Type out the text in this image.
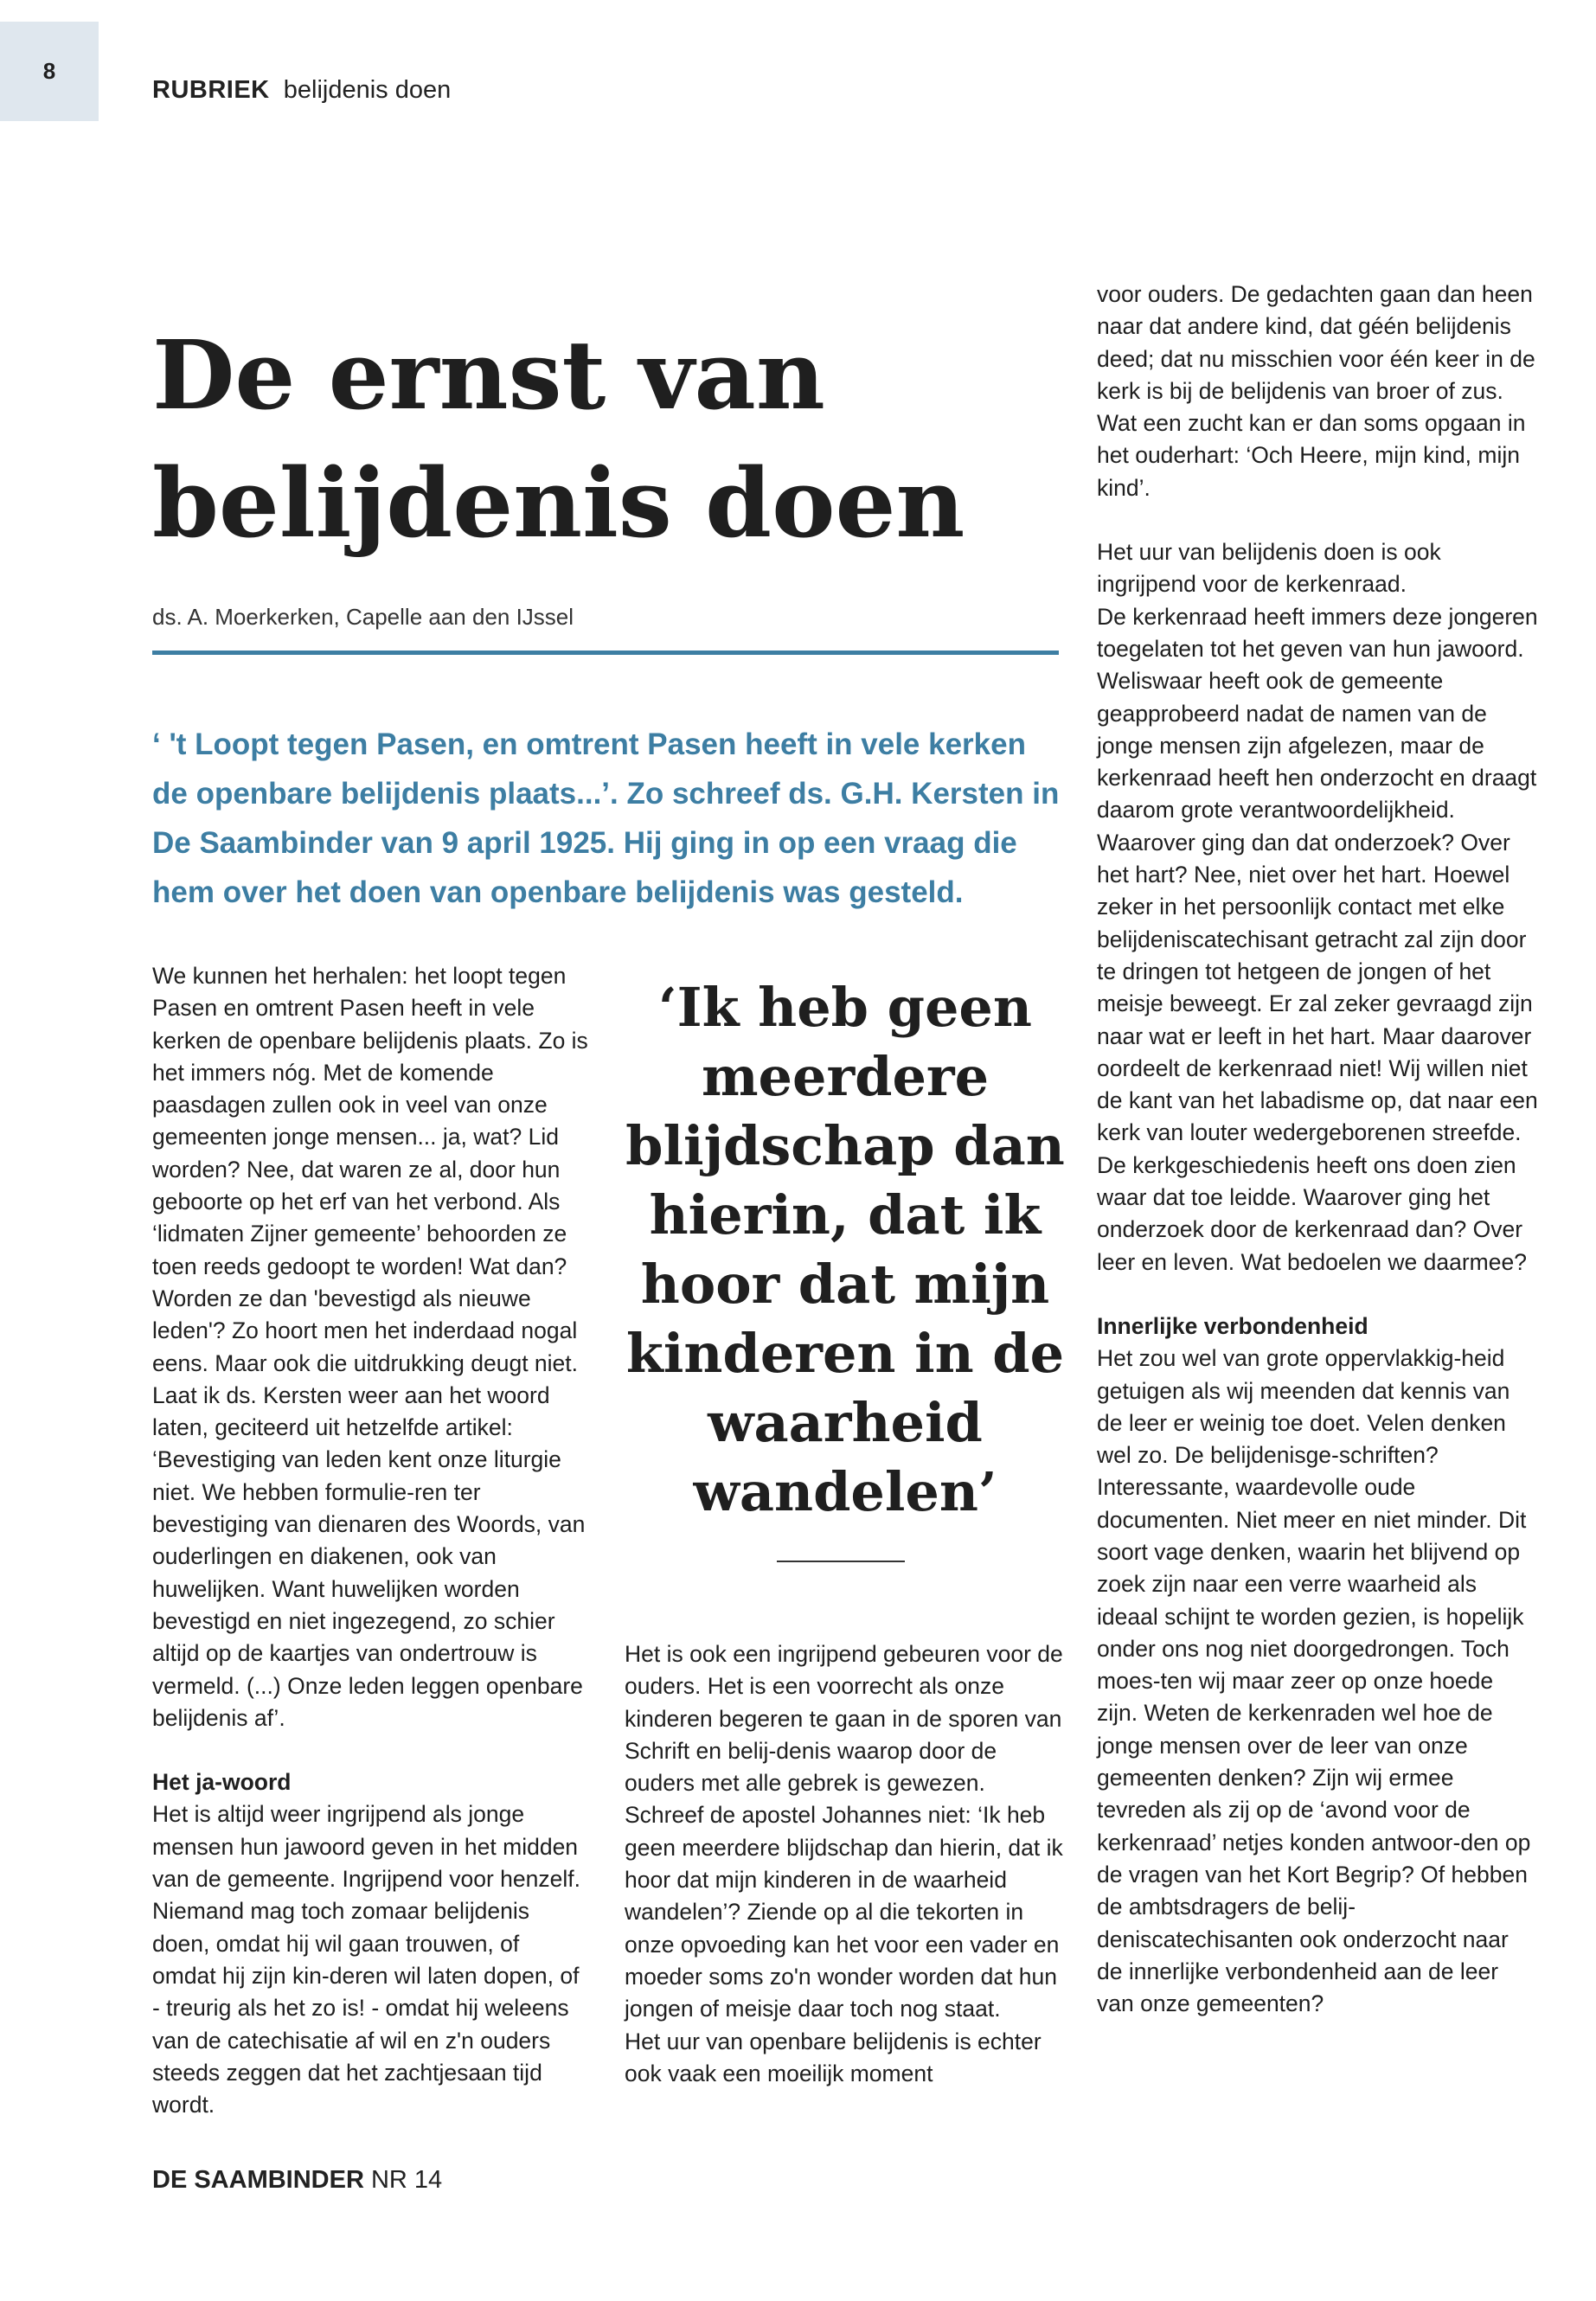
8
RUBRIEK belijdenis doen
De ernst van
belijdenis doen
ds. A. Moerkerken, Capelle aan den IJssel

‘ 't Loopt tegen Pasen, en omtrent Pasen heeft in vele kerken de openbare belijdenis plaats...’. Zo schreef ds. G.H. Kersten in De Saambinder van 9 april 1925. Hij ging in op een vraag die hem over het doen van openbare belijdenis was gesteld.

We kunnen het herhalen: het loopt tegen Pasen en omtrent Pasen heeft in vele kerken de openbare belijdenis plaats. Zo is het immers nóg. Met de komende paasdagen zullen ook in veel van onze gemeenten jonge mensen... ja, wat? Lid worden? Nee, dat waren ze al, door hun geboorte op het erf van het verbond. Als ‘lidmaten Zijner gemeente’ behoorden ze toen reeds gedoopt te worden! Wat dan? Worden ze dan 'bevestigd als nieuwe leden'? Zo hoort men het inderdaad nogal eens. Maar ook die uitdrukking deugt niet. Laat ik ds. Kersten weer aan het woord laten, geciteerd uit hetzelfde artikel: ‘Bevestiging van leden kent onze liturgie niet. We hebben formulie-ren ter bevestiging van dienaren des Woords, van ouderlingen en diakenen, ook van huwelijken. Want huwelijken worden bevestigd en niet ingezegend, zo schier altijd op de kaartjes van ondertrouw is vermeld. (...) Onze leden leggen openbare belijdenis af’.

Het ja-woord

Het is altijd weer ingrijpend als jonge mensen hun jawoord geven in het midden van de gemeente. Ingrijpend voor henzelf. Niemand mag toch zomaar belijdenis doen, omdat hij wil gaan trouwen, of omdat hij zijn kin-deren wil laten dopen, of - treurig als het zo is! - omdat hij weleens van de catechisatie af wil en z'n ouders steeds zeggen dat het zachtjesaan tijd wordt.

‘Ik heb geen meerdere blijdschap dan hierin, dat ik hoor dat mijn kinderen in de waarheid wandelen’

Het is ook een ingrijpend gebeuren voor de ouders. Het is een voorrecht als onze kinderen begeren te gaan in de sporen van Schrift en belij-denis waarop door de ouders met alle gebrek is gewezen. Schreef de apostel Johannes niet: ‘Ik heb geen meerdere blijdschap dan hierin, dat ik hoor dat mijn kinderen in de waarheid wandelen’? Ziende op al die tekorten in onze opvoeding kan het voor een vader en moeder soms zo'n wonder worden dat hun jongen of meisje daar toch nog staat.

Het uur van openbare belijdenis is echter ook vaak een moeilijk moment

voor ouders. De gedachten gaan dan heen naar dat andere kind, dat géén belijdenis deed; dat nu misschien voor één keer in de kerk is bij de belijdenis van broer of zus. Wat een zucht kan er dan soms opgaan in het ouderhart: ‘Och Heere, mijn kind, mijn kind’.

Het uur van belijdenis doen is ook ingrijpend voor de kerkenraad.

De kerkenraad heeft immers deze jongeren toegelaten tot het geven van hun jawoord. Weliswaar heeft ook de gemeente geapprobeerd nadat de namen van de jonge mensen zijn afgelezen, maar de kerkenraad heeft hen onderzocht en draagt daarom grote verantwoordelijkheid. Waarover ging dan dat onderzoek? Over het hart? Nee, niet over het hart. Hoewel zeker in het persoonlijk contact met elke belijdeniscatechisant getracht zal zijn door te dringen tot hetgeen de jongen of het meisje beweegt. Er zal zeker gevraagd zijn naar wat er leeft in het hart. Maar daarover oordeelt de kerkenraad niet! Wij willen niet de kant van het labadisme op, dat naar een kerk van louter wedergeborenen streefde. De kerkgeschiedenis heeft ons doen zien waar dat toe leidde. Waarover ging het onderzoek door de kerkenraad dan? Over leer en leven. Wat bedoelen we daarmee?

Innerlijke verbondenheid

Het zou wel van grote oppervlakkig-heid getuigen als wij meenden dat kennis van de leer er weinig toe doet. Velen denken wel zo. De belijdenisge-schriften? Interessante, waardevolle oude documenten. Niet meer en niet minder. Dit soort vage denken, waarin het blijvend op zoek zijn naar een verre waarheid als ideaal schijnt te worden gezien, is hopelijk onder ons nog niet doorgedrongen. Toch moes-ten wij maar zeer op onze hoede zijn. Weten de kerkenraden wel hoe de jonge mensen over de leer van onze gemeenten denken? Zijn wij ermee tevreden als zij op de ‘avond voor de kerkenraad’ netjes konden antwoor-den op de vragen van het Kort Begrip? Of hebben de ambtsdragers de belij-deniscatechisanten ook onderzocht naar de innerlijke verbondenheid aan de leer van onze gemeenten?

DE SAAMBINDER NR 14
